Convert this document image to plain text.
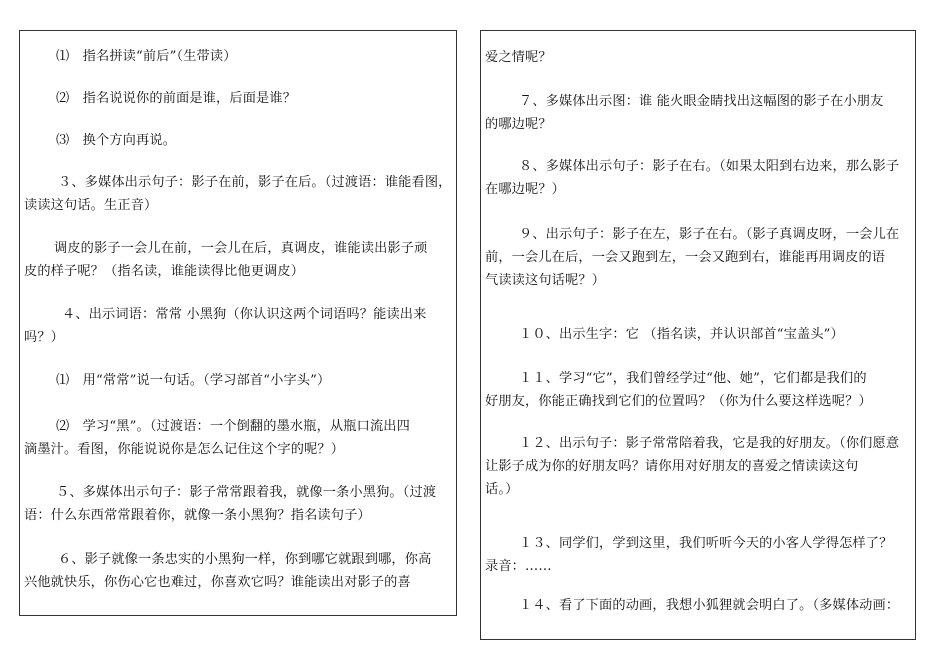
⑴　指名拼读“前后”（生带读）
⑵　指名说说你的前面是谁，后面是谁？
⑶　换个方向再说。
３、多媒体出示句子：影子在前，影子在后。（过渡语：谁能看图，
读读这句话。生正音）
调皮的影子一会儿在前，一会儿在后，真调皮，谁能读出影子顽
皮的样子呢？（指名读，谁能读得比他更调皮）
４、出示词语：常常 小黑狗（你认识这两个词语吗？能读出来
吗？）
⑴　用“常常”说一句话。（学习部首“小字头”）
⑵　学习“黑”。（过渡语：一个倒翻的墨水瓶，从瓶口流出四
滴墨汁。看图，你能说说你是怎么记住这个字的呢？）
５、多媒体出示句子：影子常常跟着我，就像一条小黑狗。（过渡
语：什么东西常常跟着你，就像一条小黑狗？指名读句子）
６、影子就像一条忠实的小黑狗一样，你到哪它就跟到哪，你高
兴他就快乐，你伤心它也难过，你喜欢它吗？谁能读出对影子的喜
爱之情呢？
７、多媒体出示图：谁 能火眼金睛找出这幅图的影子在小朋友
的哪边呢？
８、多媒体出示句子：影子在右。（如果太阳到右边来，那么影子
在哪边呢？）
９、出示句子：影子在左，影子在右。（影子真调皮呀，一会儿在
前，一会儿在后，一会又跑到左，一会又跑到右，谁能再用调皮的语
气读读这句话呢？）
１０、出示生字：它 （指名读，并认识部首“宝盖头”）
１１、学习“它”，我们曾经学过“他、她”，它们都是我们的
好朋友，你能正确找到它们的位置吗？（你为什么要这样选呢？）
１２、出示句子：影子常常陪着我，它是我的好朋友。（你们愿意
让影子成为你的好朋友吗？请你用对好朋友的喜爱之情读读这句
话。）
１３、同学们，学到这里，我们听听今天的小客人学得怎样了？
录音：……
１４、看了下面的动画，我想小狐狸就会明白了。（多媒体动画：
